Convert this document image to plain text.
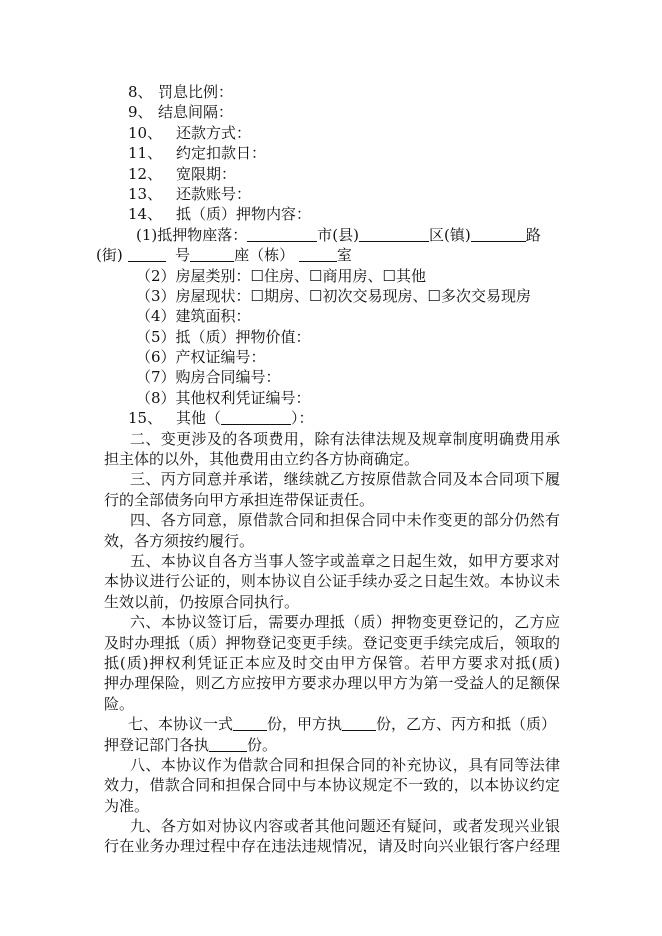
8、 罚息比例：
9、 结息间隔：
10、 还款方式：
11、 约定扣款日：
12、 宽限期：
13、 还款账号：
14、 抵（质）押物内容：
(1)抵押物座落：	市(县)	区(镇)	路
(街)	号	座（栋）	室
（2）房屋类别：☐住房、☐商用房、☐其他
（3）房屋现状：☐期房、☐初次交易现房、☐多次交易现房
（4）建筑面积：
（5）抵（质）押物价值：
（6）产权证编号：
（7）购房合同编号：
（8）其他权利凭证编号：
15、 其他（	）：
二、变更涉及的各项费用，除有法律法规及规章制度明确费用承
担主体的以外，其他费用由立约各方协商确定。
三、丙方同意并承诺，继续就乙方按原借款合同及本合同项下履
行的全部债务向甲方承担连带保证责任。
四、各方同意，原借款合同和担保合同中未作变更的部分仍然有
效，各方须按约履行。
五、本协议自各方当事人签字或盖章之日起生效，如甲方要求对
本协议进行公证的，则本协议自公证手续办妥之日起生效。本协议未
生效以前，仍按原合同执行。
六、本协议签订后，需要办理抵（质）押物变更登记的，乙方应
及时办理抵（质）押物登记变更手续。登记变更手续完成后，领取的
抵(质)押权利凭证正本应及时交由甲方保管。若甲方要求对抵(质)
押办理保险，则乙方应按甲方要求办理以甲方为第一受益人的足额保
险。
七、本协议一式 份，甲方执 份，乙方、丙方和抵（质）
押登记部门各执	份。
八、本协议作为借款合同和担保合同的补充协议，具有同等法律
效力，借款合同和担保合同中与本协议规定不一致的，以本协议约定
为准。
九、各方如对协议内容或者其他问题还有疑问，或者发现兴业银
行在业务办理过程中存在违法违规情况，请及时向兴业银行客户经理
